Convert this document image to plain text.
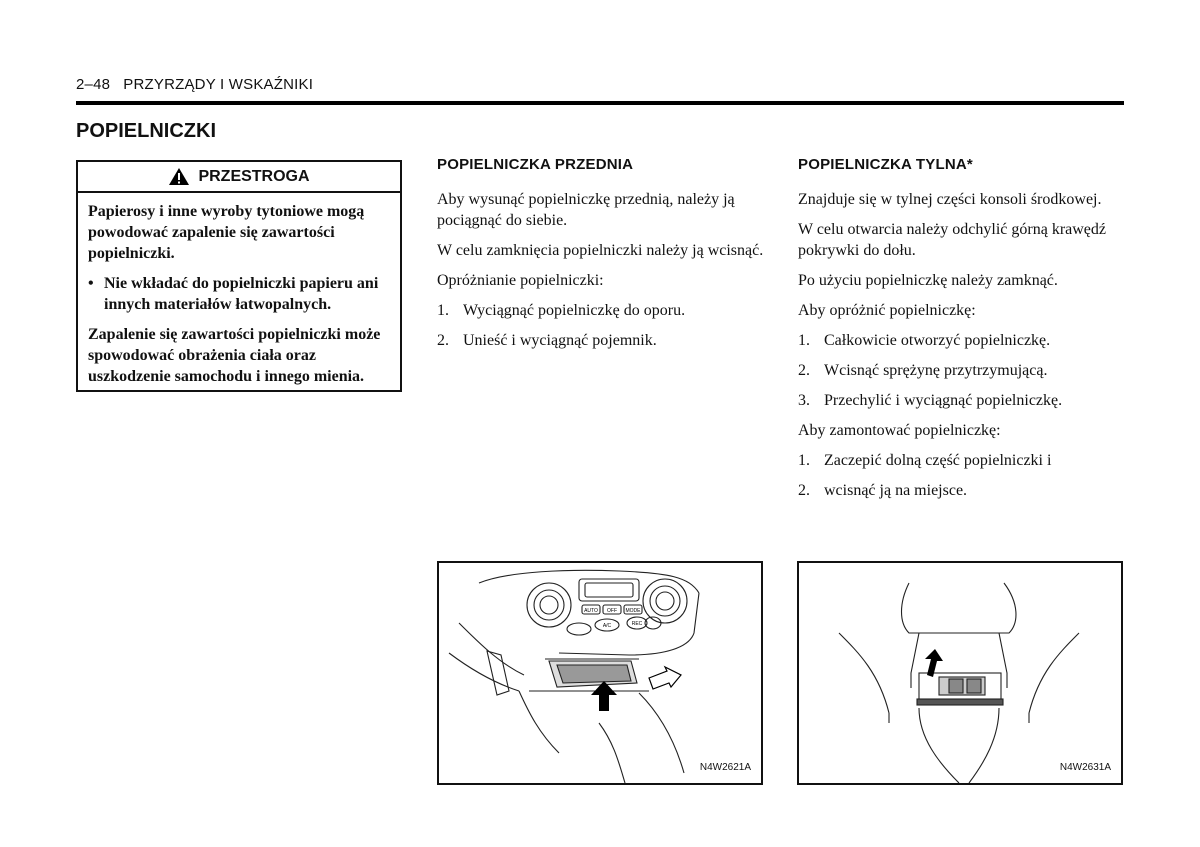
2–48 PRZYRZĄDY I WSKAŹNIKI
POPIELNICZKI
PRZESTROGA

Papierosy i inne wyroby tytoniowe mogą powodować zapalenie się zawartości popielniczki.

• Nie wkładać do popielniczki papieru ani innych materiałów łatwopalnych.

Zapalenie się zawartości popielniczki może spowodować obrażenia ciała oraz uszkodzenie samochodu i innego mienia.

POPIELNICZKA PRZEDNIA

Aby wysunąć popielniczkę przednią, należy ją pociągnąć do siebie.

W celu zamknięcia popielniczki należy ją wcisnąć.

Opróżnianie popielniczki:

1. Wyciągnąć popielniczkę do oporu.
2. Unieść i wyciągnąć pojemnik.
POPIELNICZKA TYLNA*

Znajduje się w tylnej części konsoli środkowej.

W celu otwarcia należy odchylić górną krawędź pokrywki do dołu.

Po użyciu popielniczkę należy zamknąć.

Aby opróżnić popielniczkę:

1. Całkowicie otworzyć popielniczkę.
2. Wcisnąć sprężynę przytrzymującą.
3. Przechylić i wyciągnąć popielniczkę.

Aby zamontować popielniczkę:

1. Zaczepić dolną część popielniczki i
2. wcisnąć ją na miejsce.
AUTO OFF MODE
A/C	REC
N4W2621A	N4W2631A
